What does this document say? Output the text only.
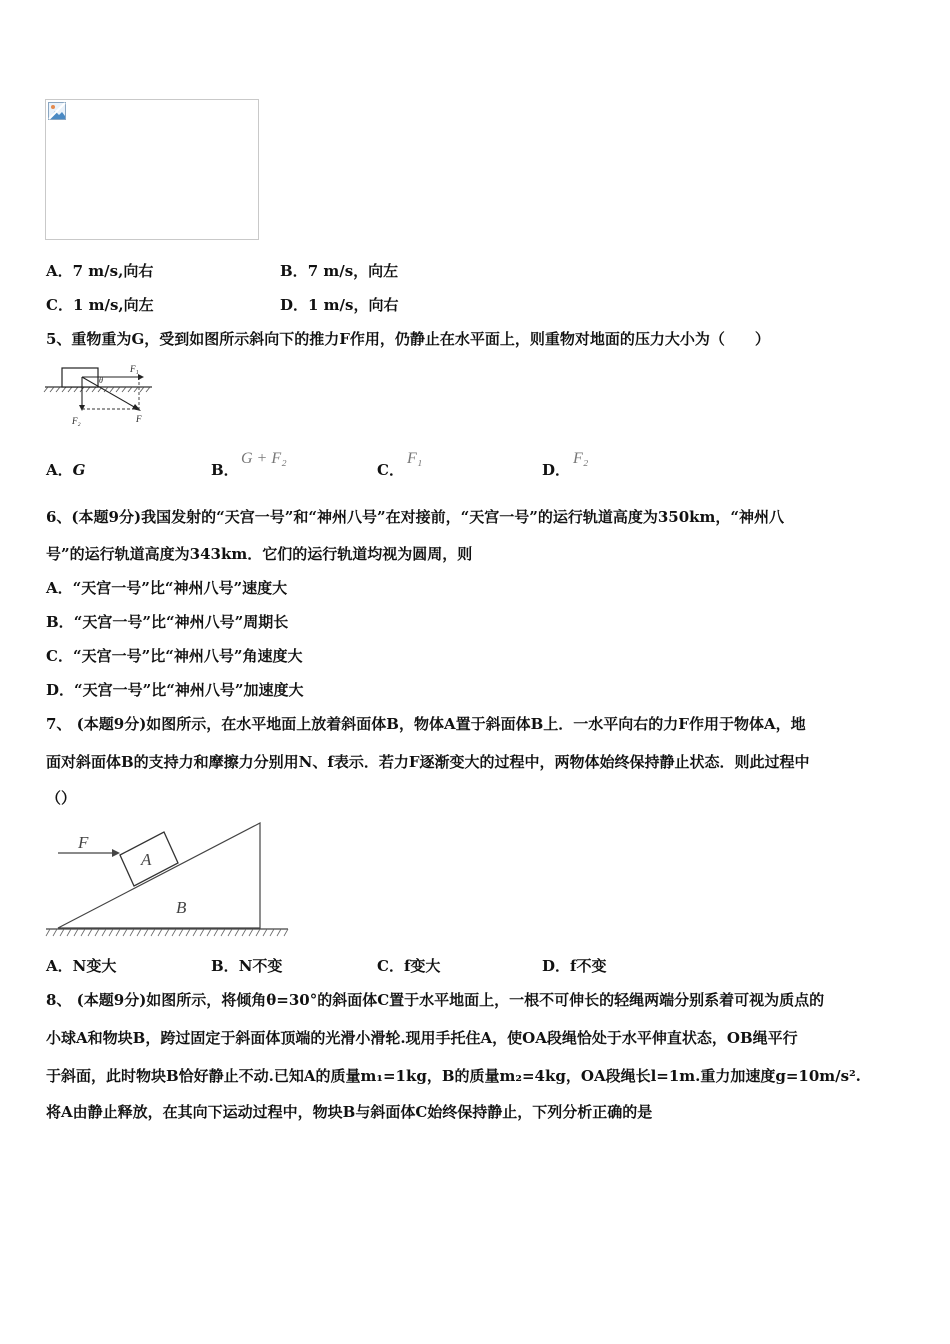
A．7 m/s,向右	B．7 m/s，向左
C．1 m/s,向左	D．1 m/s，向右
5、重物重为G，受到如图所示斜向下的推力F作用，仍静止在水平面上，则重物对地面的压力大小为（　　）
θ
F₁
F
F₂
A．G	B．
G + F₂
C．
F₁
D．
F₂
6、(本题9分)我国发射的“天宫一号”和“神州八号”在对接前，“天宫一号”的运行轨道高度为350km，“神州八
号”的运行轨道高度为343km．它们的运行轨道均视为圆周，则
A．“天宫一号”比“神州八号”速度大
B．“天宫一号”比“神州八号”周期长
C．“天宫一号”比“神州八号”角速度大
D．“天宫一号”比“神州八号”加速度大
7、 (本题9分)如图所示，在水平地面上放着斜面体B，物体A置于斜面体B上．一水平向右的力F作用于物体A，地
面对斜面体B的支持力和摩擦力分别用N、f表示．若力F逐渐变大的过程中，两物体始终保持静止状态．则此过程中
（）
F
A
B
A．N变大	B．N不变	C．f变大	D．f不变
8、 (本题9分)如图所示，将倾角θ=30°的斜面体C置于水平地面上，一根不可伸长的轻绳两端分别系着可视为质点的
小球A和物块B，跨过固定于斜面体顶端的光滑小滑轮.现用手托住A，使OA段绳恰处于水平伸直状态，OB绳平行
于斜面，此时物块B恰好静止不动.已知A的质量m₁=1kg，B的质量m₂=4kg，OA段绳长l=1m.重力加速度g=10m/s².
将A由静止释放，在其向下运动过程中，物块B与斜面体C始终保持静止，下列分析正确的是
